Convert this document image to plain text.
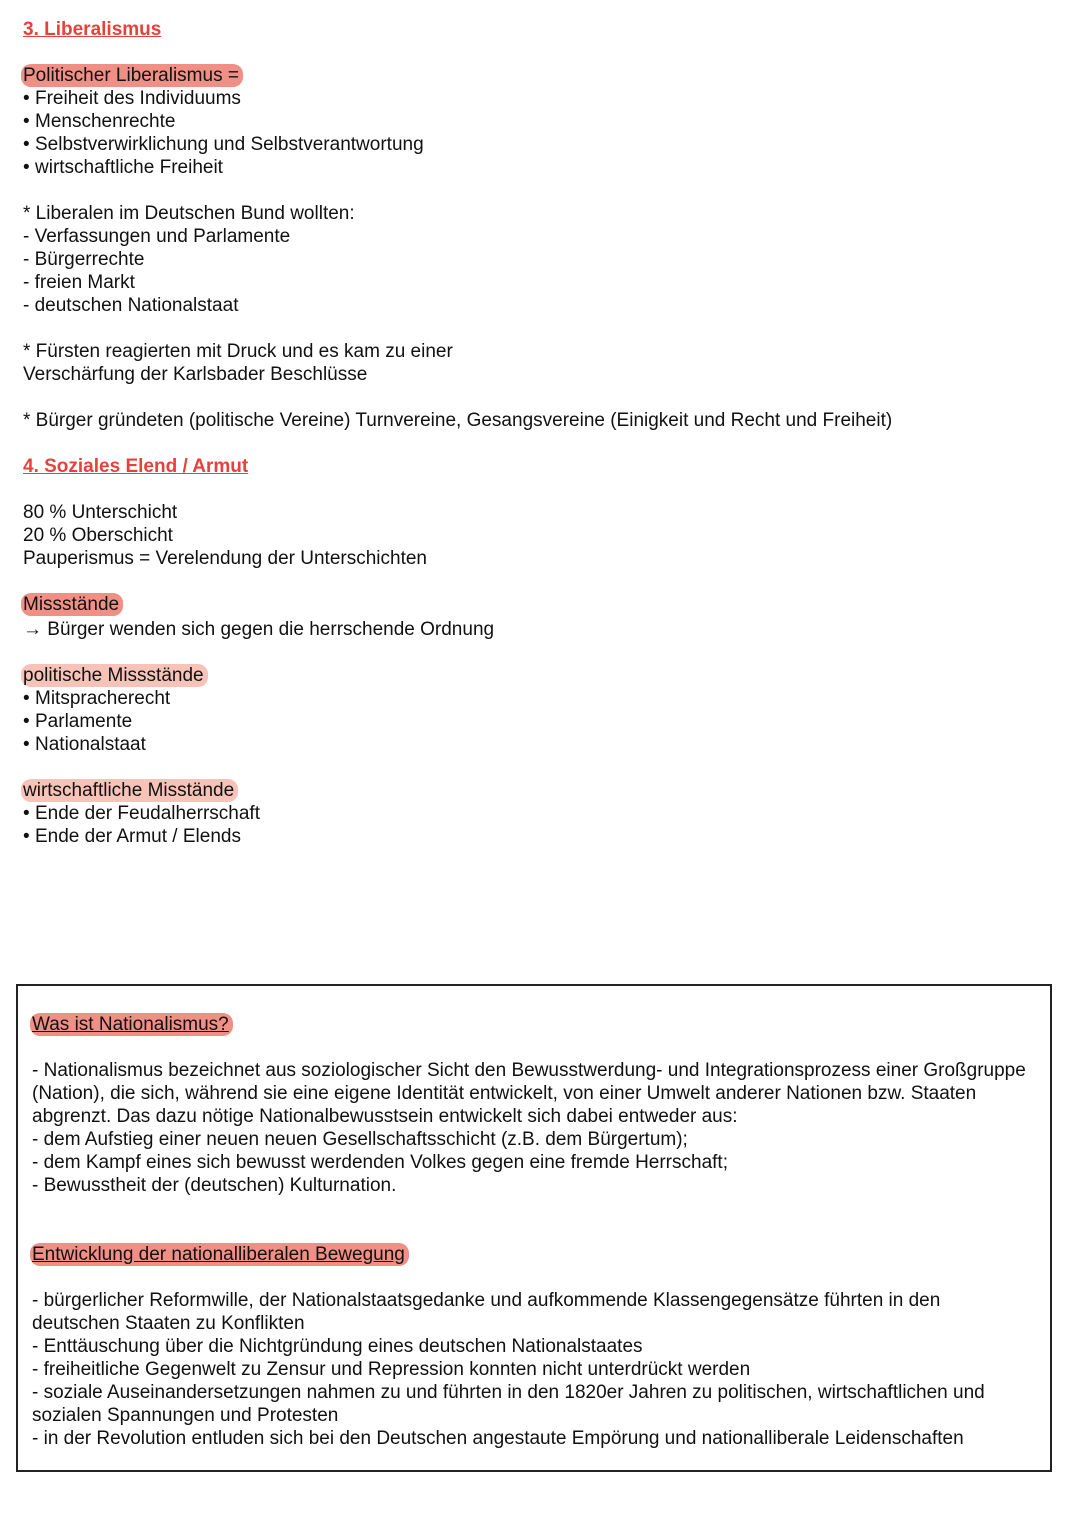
3. Liberalismus
Politischer Liberalismus =
• Freiheit des Individuums
• Menschenrechte
• Selbstverwirklichung und Selbstverantwortung
• wirtschaftliche Freiheit
* Liberalen im Deutschen Bund wollten:
- Verfassungen und Parlamente
- Bürgerrechte
- freien Markt
- deutschen Nationalstaat
* Fürsten reagierten mit Druck und es kam zu einer
Verschärfung der Karlsbader Beschlüsse
* Bürger gründeten (politische Vereine) Turnvereine, Gesangsvereine (Einigkeit und Recht und Freiheit)
4. Soziales Elend / Armut
80 % Unterschicht
20 % Oberschicht
Pauperismus = Verelendung der Unterschichten
Missstände
→ Bürger wenden sich gegen die herrschende Ordnung
politische Missstände
• Mitspracherecht
• Parlamente
• Nationalstaat
wirtschaftliche Misstände
• Ende der Feudalherrschaft
• Ende der Armut / Elends
Was ist Nationalismus?

- Nationalismus bezeichnet aus soziologischer Sicht den Bewusstwerdung- und Integrationsprozess einer Großgruppe (Nation), die sich, während sie eine eigene Identität entwickelt, von einer Umwelt anderer Nationen bzw. Staaten abgrenzt. Das dazu nötige Nationalbewusstsein entwickelt sich dabei entweder aus:

- dem Aufstieg einer neuen neuen Gesellschaftsschicht (z.B. dem Bürgertum);

- dem Kampf eines sich bewusst werdenden Volkes gegen eine fremde Herrschaft;

- Bewusstheit der (deutschen) Kulturnation.

Entwicklung der nationalliberalen Bewegung

- bürgerlicher Reformwille, der Nationalstaatsgedanke und aufkommende Klassengegensätze führten in den deutschen Staaten zu Konflikten

- Enttäuschung über die Nichtgründung eines deutschen Nationalstaates

- freiheitliche Gegenwelt zu Zensur und Repression konnten nicht unterdrückt werden

- soziale Auseinandersetzungen nahmen zu und führten in den 1820er Jahren zu politischen, wirtschaftlichen und sozialen Spannungen und Protesten

- in der Revolution entluden sich bei den Deutschen angestaute Empörung und nationalliberale Leidenschaften
